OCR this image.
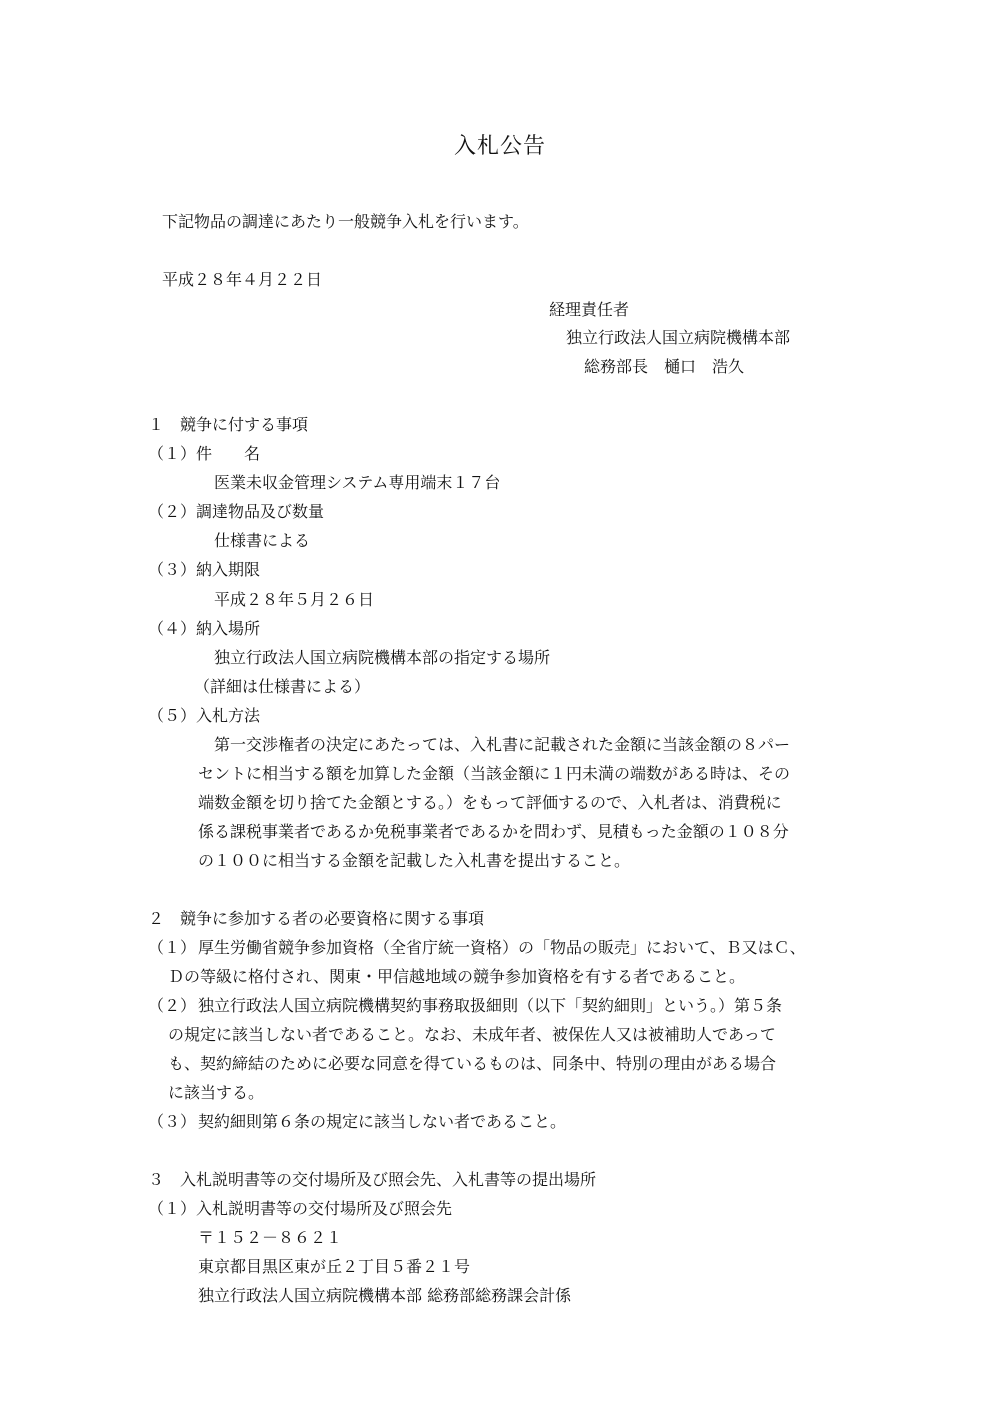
入札公告
下記物品の調達にあたり一般競争入札を行います。
平成２８年４月２２日
経理責任者
独立行政法人国立病院機構本部
総務部長　樋口　浩久
１　競争に付する事項
（１）件　　名
医業未収金管理システム専用端末１７台
（２）調達物品及び数量
仕様書による
（３）納入期限
平成２８年５月２６日
（４）納入場所
独立行政法人国立病院機構本部の指定する場所
（詳細は仕様書による）
（５）入札方法
　第一交渉権者の決定にあたっては、入札書に記載された金額に当該金額の８パー
セントに相当する額を加算した金額（当該金額に１円未満の端数がある時は、その
端数金額を切り捨てた金額とする。）をもって評価するので、入札者は、消費税に
係る課税事業者であるか免税事業者であるかを問わず、見積もった金額の１０８分
の１００に相当する金額を記載した入札書を提出すること。
２　競争に参加する者の必要資格に関する事項
（１） 厚生労働省競争参加資格（全省庁統一資格）の「物品の販売」において、Ｂ又はＣ、
Ｄの等級に格付され、関東・甲信越地域の競争参加資格を有する者であること。
（２） 独立行政法人国立病院機構契約事務取扱細則（以下「契約細則」という。）第５条
の規定に該当しない者であること。なお、未成年者、被保佐人又は被補助人であって
も、契約締結のために必要な同意を得ているものは、同条中、特別の理由がある場合
に該当する。
（３） 契約細則第６条の規定に該当しない者であること。
３　入札説明書等の交付場所及び照会先、入札書等の提出場所
（１）入札説明書等の交付場所及び照会先
〒１５２－８６２１
東京都目黒区東が丘２丁目５番２１号
独立行政法人国立病院機構本部 総務部総務課会計係
